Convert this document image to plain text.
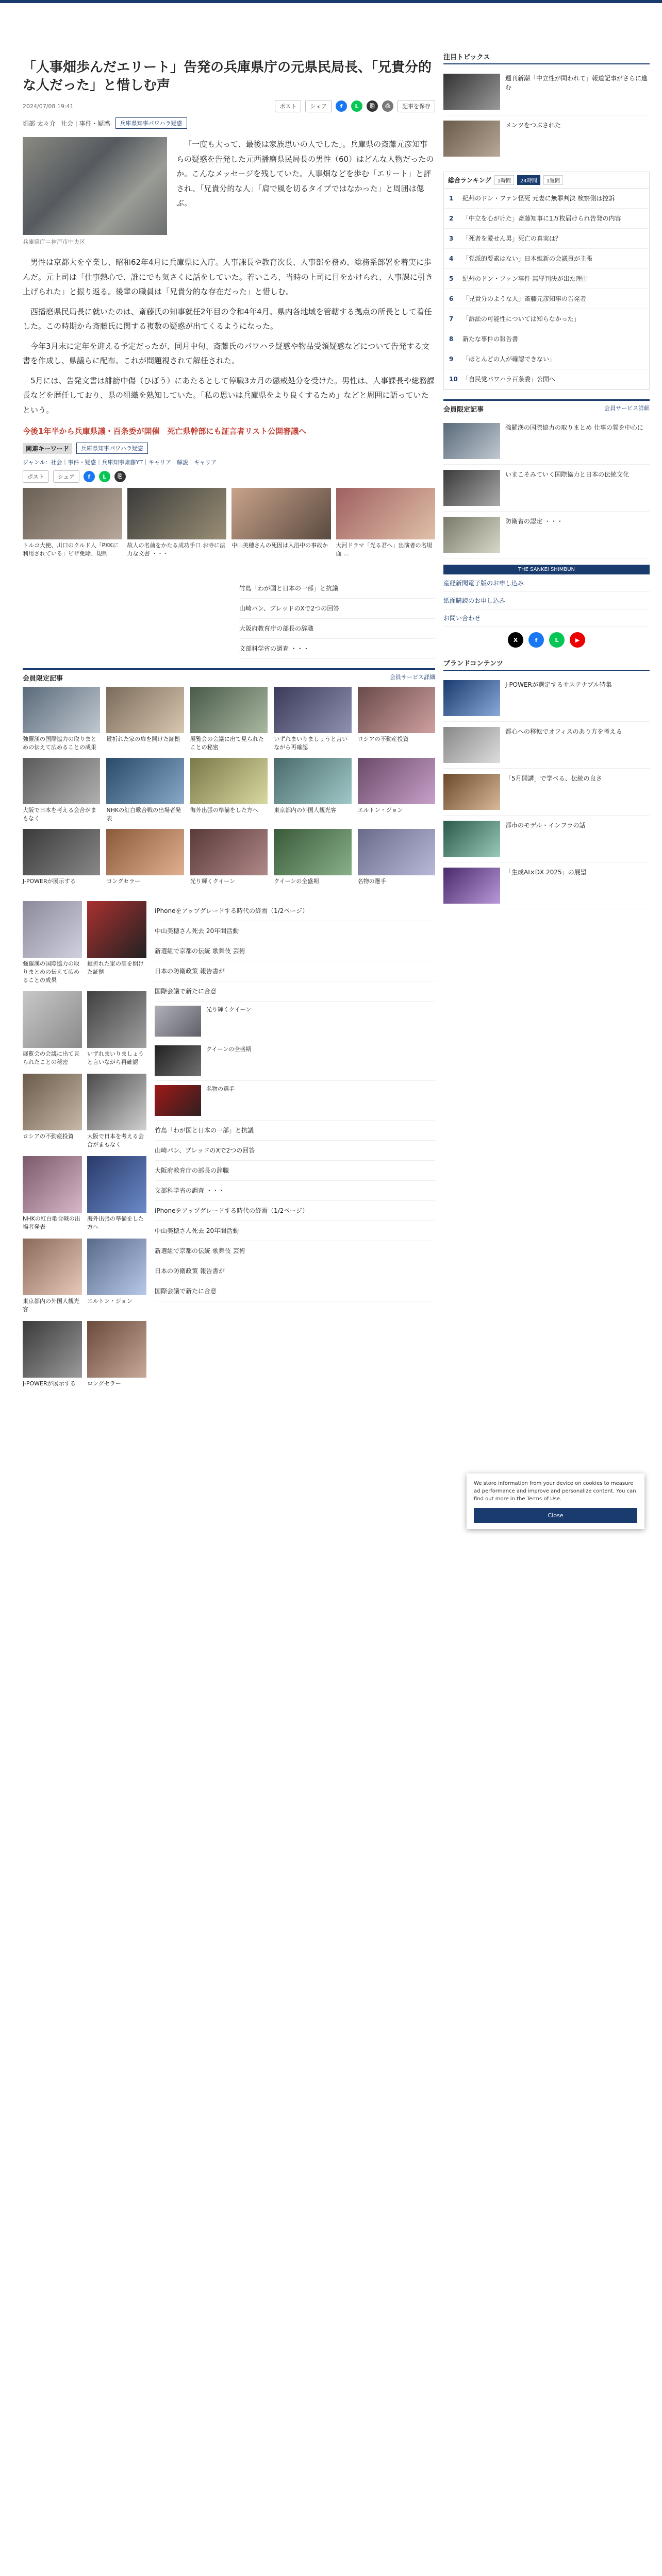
「人事畑歩んだエリート」告発の兵庫県庁の元県民局長、「兄貴分的な人だった」と惜しむ声
2024/07/08 19:41	ポスト	シェア	f	L	⎘	⎙	記事を保存
堀部 太々介 社会 | 事件・疑惑	兵庫県知事パワハラ疑惑
兵庫県庁＝神戸市中央区

「一度も大って、最後は家族思いの人でした」。兵庫県の斎藤元彦知事らの疑惑を告発した元西播磨県民局長の男性（60）はどんな人物だったのか。こんなメッセージを残していた。人事畑などを歩む「エリート」と評され、「兄貴分的な人」「肩で風を切るタイプではなかった」と周囲は偲ぶ。

男性は京都大を卒業し、昭和62年4月に兵庫県に入庁。人事課長や教育次長、人事部を務め、総務系部署を着実に歩んだ。元上司は「仕事熱心で、誰にでも気さくに話をしていた。若いころ、当時の上司に目をかけられ、人事課に引き上げられた」と振り返る。後輩の職員は「兄貴分的な存在だった」と惜しむ。

西播磨県民局長に就いたのは、斎藤氏の知事就任2年目の令和4年4月。県内各地域を管轄する拠点の所長として着任した。この時期から斎藤氏に関する複数の疑惑が出てくるようになった。

今年3月末に定年を迎える予定だったが、同月中旬、斎藤氏のパワハラ疑惑や物品受領疑惑などについて告発する文書を作成し、県議らに配布。これが問題視されて解任された。

5月には、告発文書は誹謗中傷（ひぼう）にあたるとして停職3カ月の懲戒処分を受けた。男性は、人事課長や総務課長などを歴任しており、県の組織を熟知していた。「私の思いは兵庫県をより良くするため」などと周囲に語っていたという。

今後1年半から兵庫県議・百条委が開催　死亡県幹部にも証言者リスト公開審議へ
関連キーワード	兵庫県知事パワハラ疑惑
ジャンル：社会｜事件・疑惑｜兵庫知事斎藤YT｜キャリア｜解説｜キャリア
ポスト	シェア	f	L	⎘
トルコ大使、川口のクルド人「PKKに利用されている」ビザ免除、規制
故人の名前をかたる成功手口 お寺に法力な文書 ・・・
中山美穂さんの死因は入浴中の事故か	大河ドラマ「光る君へ」出演者の名場面 ...
竹島「わが国と日本の一部」と抗議
山崎パン、ブレッドのXで2つの回答
大阪府教育庁の部長の辞職
文部科学省の調査 ・・・
会員限定記事	会員サービス詳細
強羅漢の国際協力の取りまとめの伝えて広めることの成果
鍵折れた家の扉を開けた証拠	展覧会の会議に出て見られたことの秘密
いずれまいりましょうと言いながら再確認
ロシアの不動産投資
大阪で日本を考える会合がまもなく
NHKの紅白歌合戦の出場者発表
海外出張の準備をした方へ	東京都内の外国人観光客	エルトン・ジョン
J-POWERが展示する	ロングセラー	光り輝くクイーン	クイーンの全盛期	名物の選手
強羅漢の国際協力の取りまとめの伝えて広めることの成果
鍵折れた家の扉を開けた証拠
展覧会の会議に出て見られたことの秘密
いずれまいりましょうと言いながら再確認
ロシアの不動産投資	大阪で日本を考える会合がまもなく
NHKの紅白歌合戦の出場者発表
海外出張の準備をした方へ
東京都内の外国人観光客
エルトン・ジョン
J-POWERが展示する	ロングセラー
iPhoneをアップグレードする時代の終焉（1/2ページ）
中山美穂さん死去 20年間活動
新選組で京都の伝統 歌舞伎 芸術
日本の防衛政策 報告書が
国際会議で新たに合意
光り輝くクイーン
クイーンの全盛期
名物の選手
竹島「わが国と日本の一部」と抗議
山崎パン、ブレッドのXで2つの回答
大阪府教育庁の部長の辞職
文部科学省の調査 ・・・
iPhoneをアップグレードする時代の終焉（1/2ページ）
中山美穂さん死去 20年間活動
新選組で京都の伝統 歌舞伎 芸術
日本の防衛政策 報告書が
国際会議で新たに合意
注目トピックス
週刊新潮「中立性が問われて」報道記事がさらに進む
メンツをつぶされた
総合ランキング	1時間	24時間	1週間
1	紀州のドン・ファン怪死 元妻に無罪判決 検察側は控訴
2	「中立を心がけた」斎藤知事に1万枚届けられ告発の内容
3	「死者を愛せん男」死亡の真実は？
4	「党派的要素はない」日本維新の会議員が主張
5	紀州のドン・ファン事件 無罪判決が出た理由
6	「兄貴分のような人」斎藤元彦知事の告発者
7	「訴訟の可能性については知らなかった」
8	新たな事件の報告書
9	「ほとんどの人が確認できない」
10 「自民党パワハラ百条委」公開へ
会員限定記事	会員サービス詳細
強羅漢の国際協力の取りまとめ 仕事の質を中心に
いまこそみていく国際協力と日本の伝統文化
防衛省の認定 ・・・
THE SANKEI SHIMBUN
産経新聞電子版のお申し込み
紙面購読のお申し込み
お問い合わせ
X	f	L	▶
ブランドコンテンツ
J-POWERが選定するサステナブル特集
都心への移転でオフィスのあり方を考える
「5月開講」で学べる、伝統の良さ
都市のモデル・インフラの話
「生成AI×DX 2025」の展望
We store information from your device on cookies to measure ad performance and improve and personalize content. You can find out more in the Terms of Use.
Close
